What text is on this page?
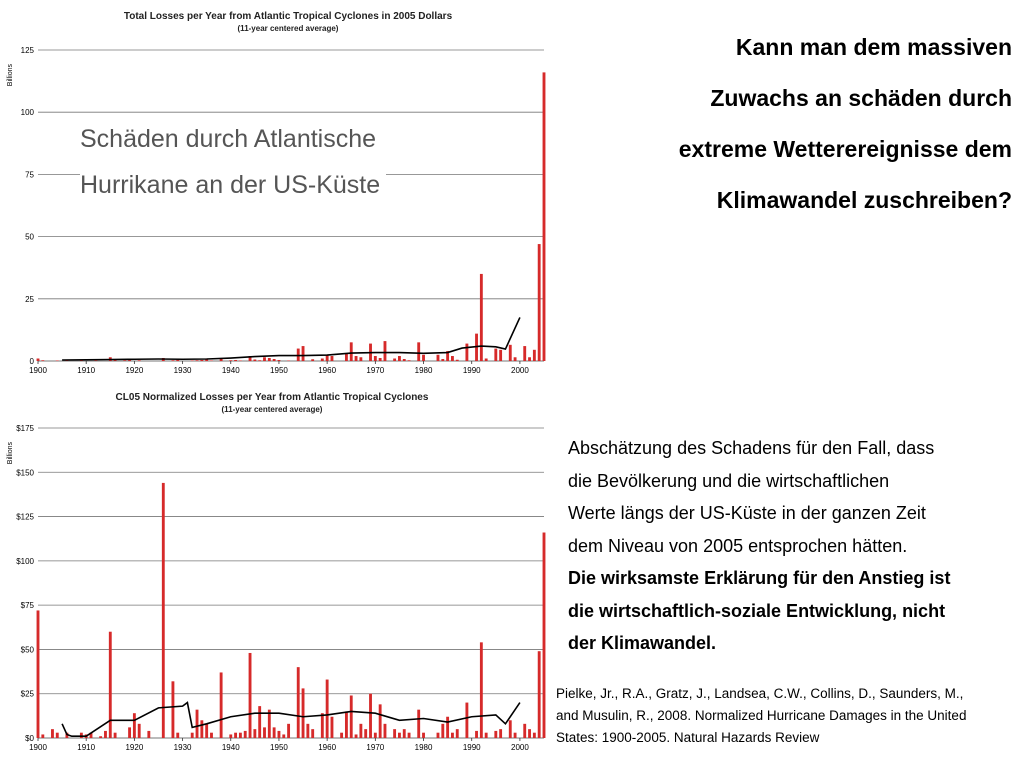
Total Losses per Year from Atlantic Tropical Cyclones in 2005 Dollars
(11-year centered average)
0
25
50
75
100
125
Billions
1900	1910	1920	1930	1940	1950	1960	1970	1980	1990	2000
CL05 Normalized Losses per Year from Atlantic Tropical Cyclones
(11-year centered average)
$0
$25
$50
$75
$100
$125
$150
$175
Billions
1900	1910	1920	1930	1940	1950	1960	1970	1980	1990	2000
Schäden durch Atlantische
Hurrikane an der US-Küste
Kann man dem massiven
Zuwachs an schäden durch
extreme Wetterereignisse dem
Klimawandel zuschreiben?
Abschätzung des Schadens für den Fall, dass
die Bevölkerung und die wirtschaftlichen
Werte längs der US-Küste in der ganzen Zeit
dem Niveau von 2005 entsprochen hätten.
Die wirksamste Erklärung für den Anstieg ist
die wirtschaftlich-soziale Entwicklung, nicht
der Klimawandel.
Pielke, Jr., R.A., Gratz, J., Landsea, C.W., Collins, D., Saunders, M.,
and Musulin, R., 2008. Normalized Hurricane Damages in the United
States: 1900-2005. Natural Hazards Review
